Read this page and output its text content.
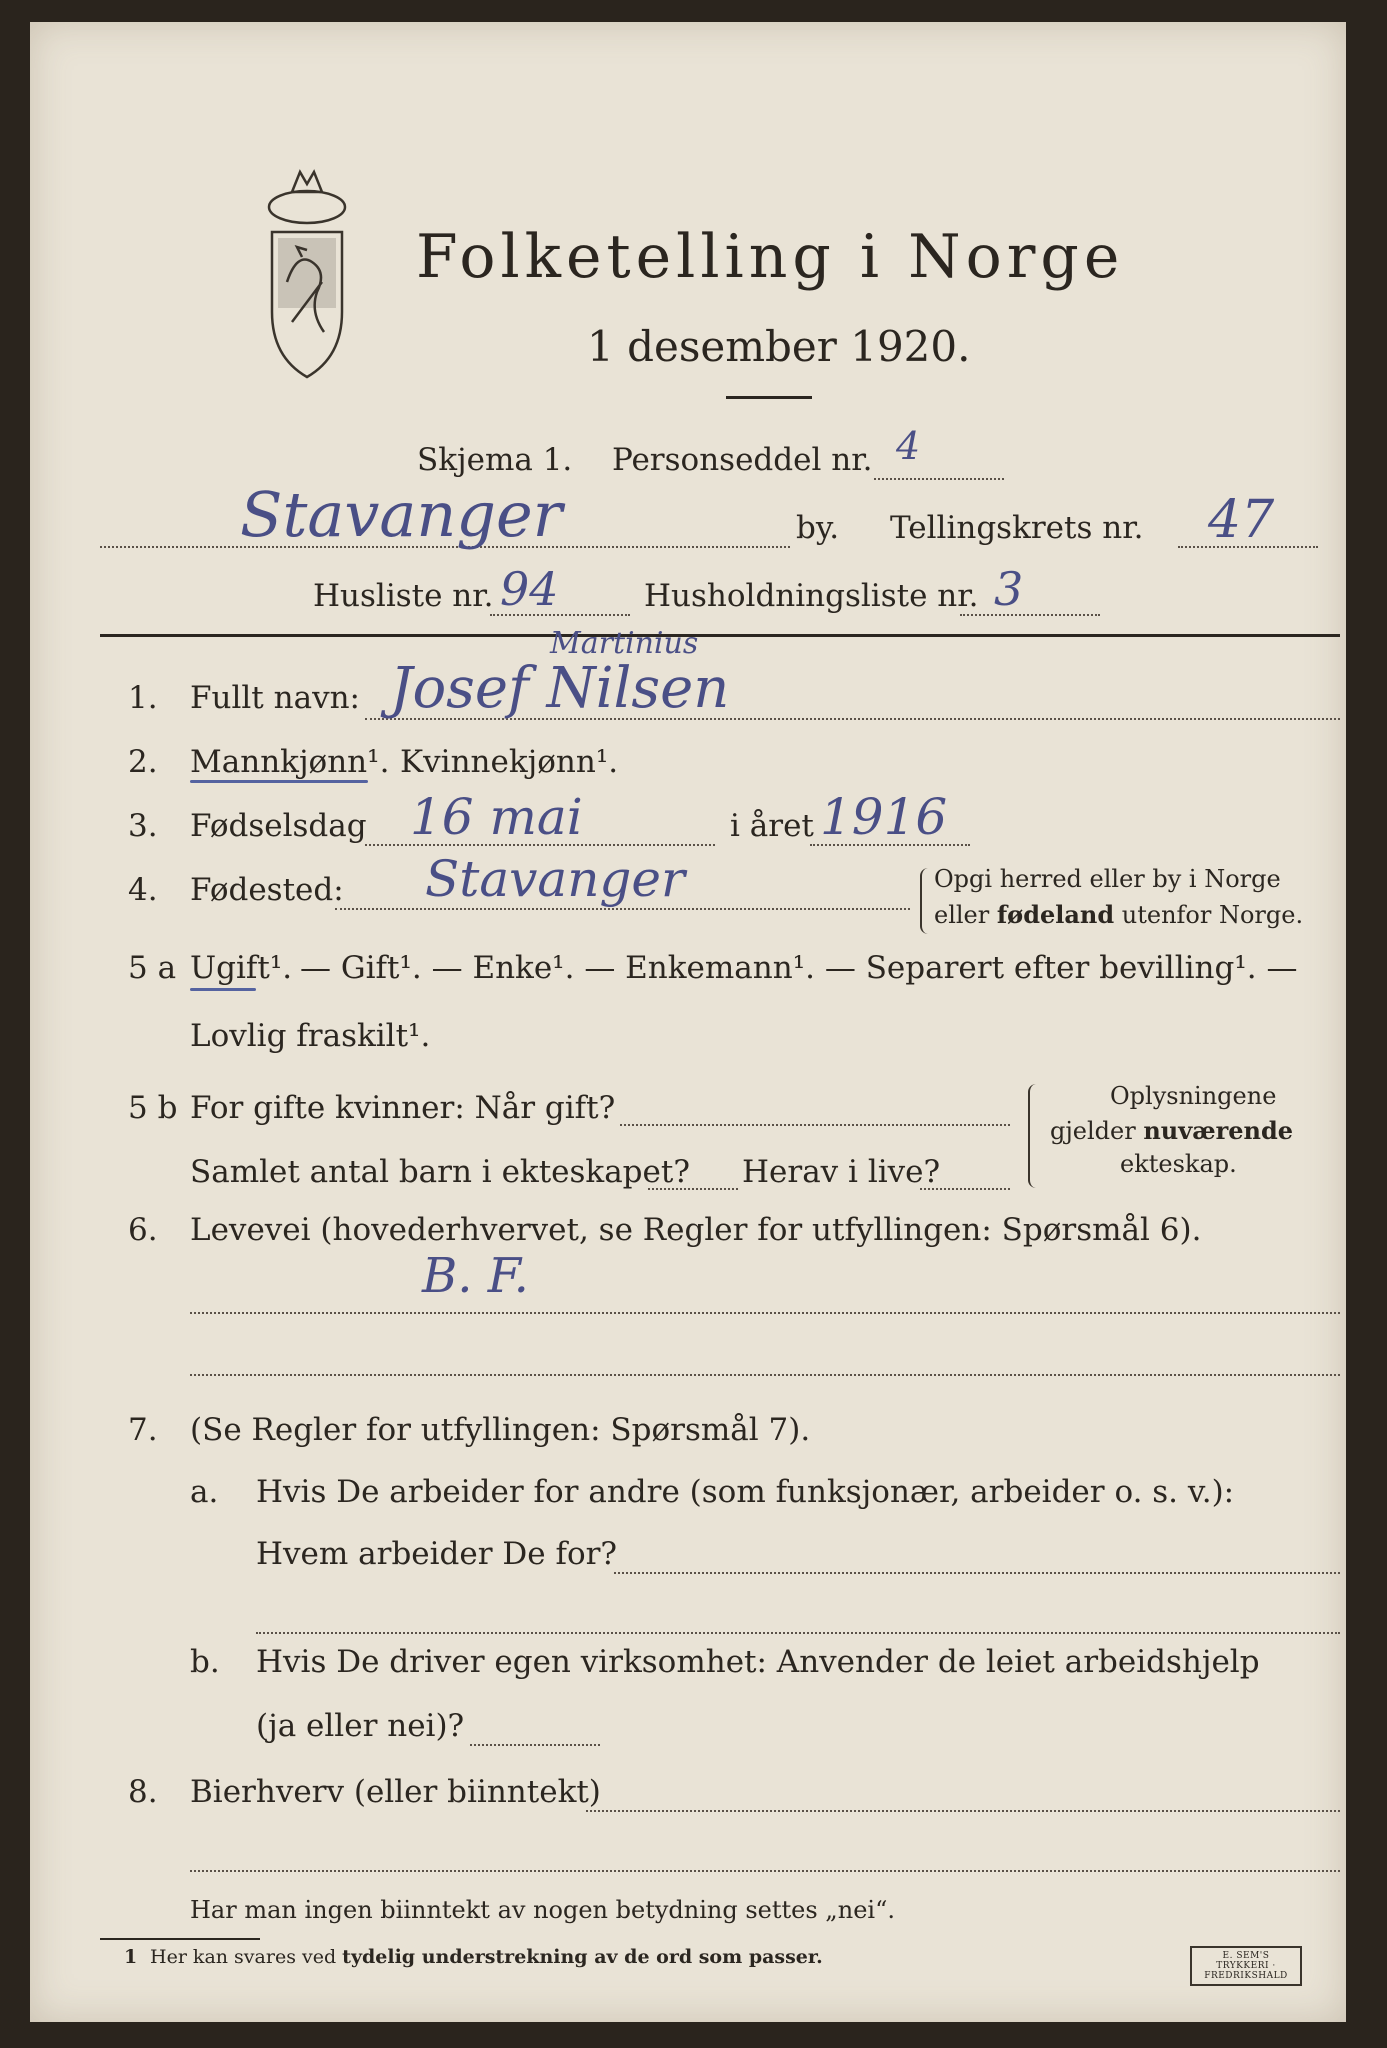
Folketelling i Norge
1 desember 1920.
Skjema 1. Personseddel nr. 4
Stavanger	by. Tellingskrets nr. 47
Husliste nr. 94	Husholdningsliste nr. 3
1. Fullt navn: Josef Nilsen
Martinius
2. Mannkjønn¹. Kvinnekjønn¹.
3. Fødselsdag 16 mai	i året 1916
4. Fødested: Stavanger	Opgi herred eller by i Norge
eller fødeland utenfor Norge.
5 a Ugift¹. — Gift¹. — Enke¹. — Enkemann¹. — Separert efter bevilling¹. —
Lovlig fraskilt¹.
5 b For gifte kvinner: Når gift?
Samlet antal barn i ekteskapet? Herav i live?
Oplysningene
gjelder nuværende
ekteskap.
6. Levevei (hovederhvervet, se Regler for utfyllingen: Spørsmål 6).
B. F.
7. (Se Regler for utfyllingen: Spørsmål 7).
a. Hvis De arbeider for andre (som funksjonær, arbeider o. s. v.):
Hvem arbeider De for?
b. Hvis De driver egen virksomhet: Anvender de leiet arbeidshjelp
(ja eller nei)?
8. Bierhverv (eller biinntekt)
Har man ingen biinntekt av nogen betydning settes „nei“.
1 Her kan svares ved tydelig understrekning av de ord som passer.	E. SEM'S TRYKKERI · FREDRIKSHALD
